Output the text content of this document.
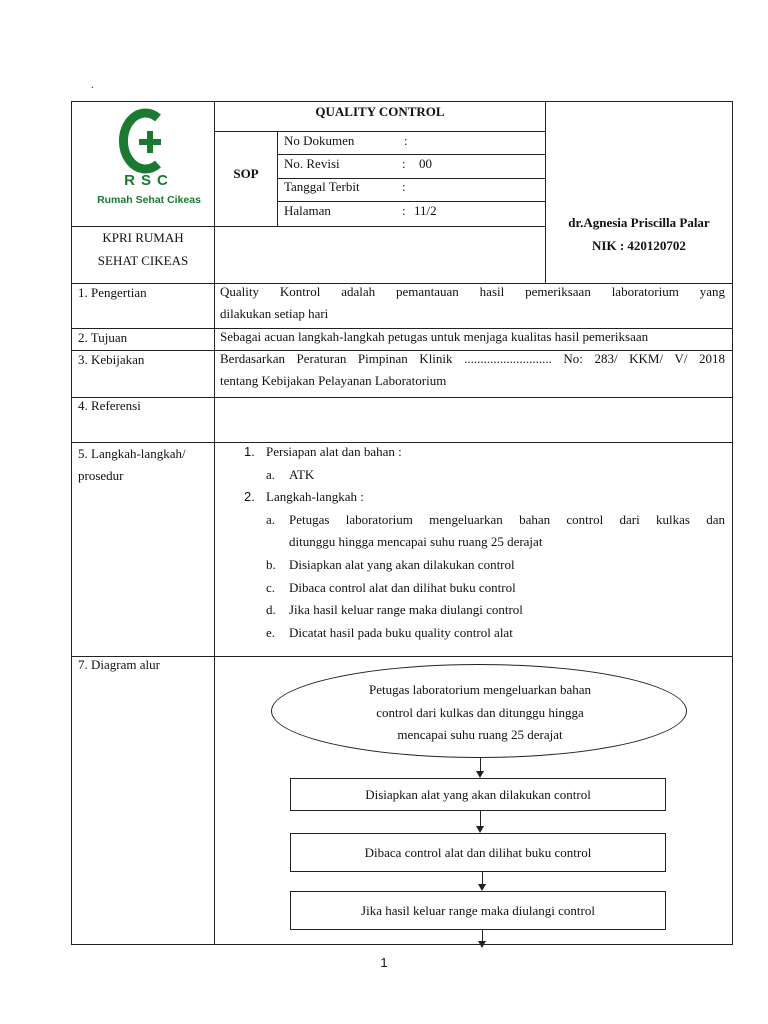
.
RSC
Rumah Sehat Cikeas
QUALITY CONTROL
SOP
No Dokumen	:
No. Revisi	: 00
Tanggal Terbit	:
Halaman	: 11/2
dr.Agnesia Priscilla Palar
NIK : 420120702
KPRI RUMAH
SEHAT CIKEAS
1. Pengertian	Quality Kontrol adalah pemantauan hasil pemeriksaan laboratorium yang
dilakukan setiap hari
2. Tujuan	Sebagai acuan langkah-langkah petugas untuk menjaga kualitas hasil pemeriksaan
3. Kebijakan	Berdasarkan Peraturan Pimpinan Klinik ........................... No: 283/ KKM/ V/ 2018
tentang Kebijakan Pelayanan Laboratorium
4. Referensi
5. Langkah-langkah/
prosedur
1. Persiapan alat dan bahan :
a. ATK
2. Langkah-langkah :
a. Petugas laboratorium mengeluarkan bahan control dari kulkas dan
ditunggu hingga mencapai suhu ruang 25 derajat
b. Disiapkan alat yang akan dilakukan control
c. Dibaca control alat dan dilihat buku control
d. Jika hasil keluar range maka diulangi control
e. Dicatat hasil pada buku quality control alat
7. Diagram alur
Petugas laboratorium mengeluarkan bahan
control dari kulkas dan ditunggu hingga
mencapai suhu ruang 25 derajat
Disiapkan alat yang akan dilakukan control
Dibaca control alat dan dilihat buku control
Jika hasil keluar range maka diulangi control
1
